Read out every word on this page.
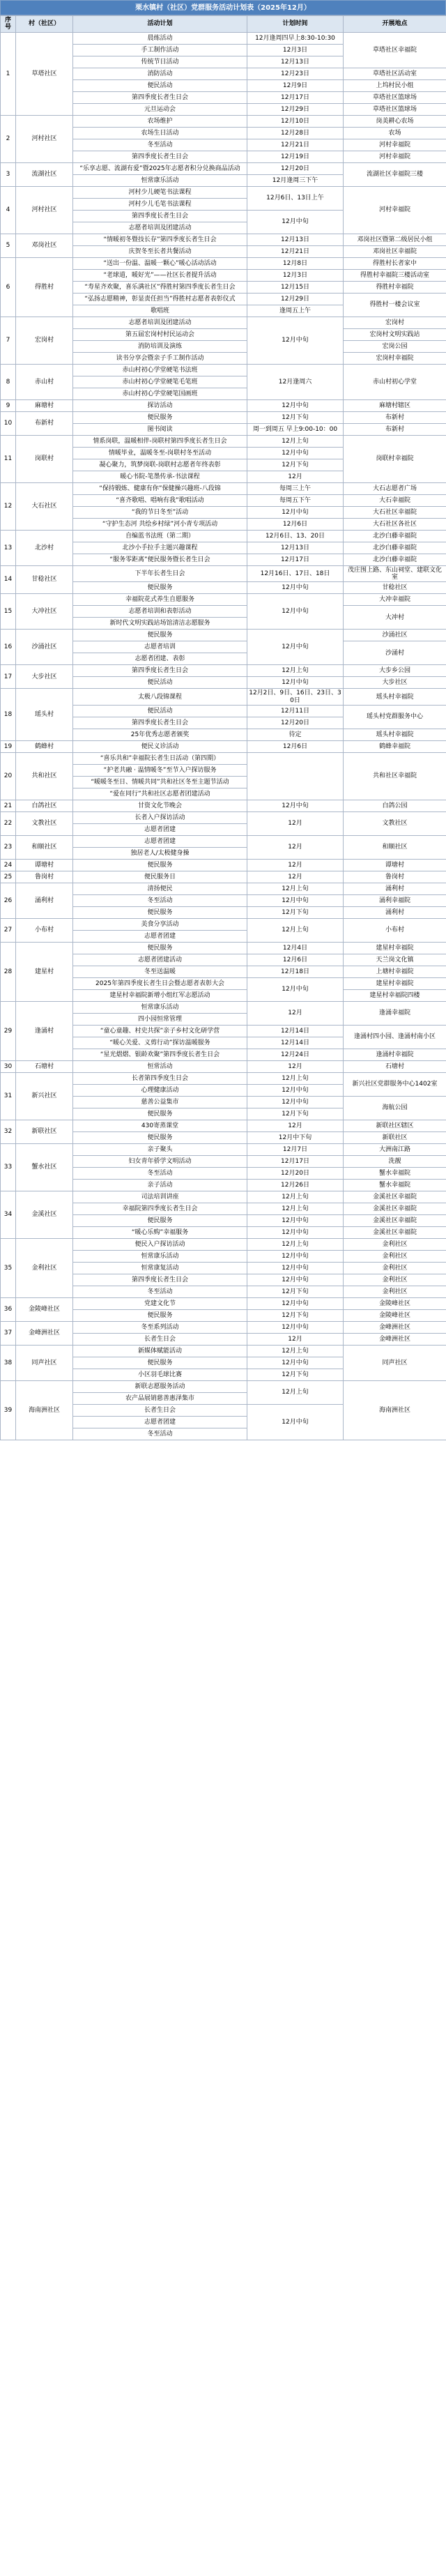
栗水镇村（社区）党群服务活动计划表（2025年12月）
序号	村（社区）	活动计划	计划时间	开展地点
1	草塔社区	晨练活动	12月逢周四早上8:30-10:30	草塔社区幸福院
		手工制作活动	12月3日	
		传统节日活动	12月13日	
		消防活动	12月23日	草塔社区活动室
		便民活动	12月9日	上坞村民小组
		第四季度长者生日会	12月17日	草塔社区篮球场
		元旦运动会	12月29日	草塔社区篮球场
2	河村社区	农场维护	12月10日	岗美耕心农场
		农场生日活动	12月28日	农场
		冬至活动	12月21日	河村幸福院
		第四季度长者生日会	12月19日	河村幸福院
3	流湖社区	“乐享志愿、流湖有爱”暨2025年志愿者积分兑换商品活动	12月20日	流湖社区幸福院三楼
		恒常康乐活动	12月逢周三下午	
4	河村社区	河村少儿硬笔书法课程	12月6日、13日上午	河村幸福院
		河村少儿毛笔书法课程		
		第四季度长者生日会	12月中旬	
		志愿者培训及团建活动		
5	邓岗社区	“情暖初冬暨技长存”第四季度长者生日会	12月13日	邓岗社区暨第二级居民小组
		庆贺冬至长者共餐活动	12月21日	邓岗社区幸福院
6	得胜村	“送出一份温、温暖一颗心”暖心活动活动	12月8日	得胜村长者家中
		“老球道，暖好光”——社区长者提升活动	12月3日	得胜村幸福院三楼活动室
		“寿星齐欢聚，喜乐满社区”得胜村第四季度长者生日会	12月15日	得胜村幸福院
		“弘扬志愿精神，彰显责任担当”得胜村志愿者表彰仪式	12月29日	得胜村一楼会议室
		歌唱班	逢周五上午	
7	宏岗村	志愿者培训及团建活动	12月中旬	宏岗村
		第五届宏岗村村民运动会		宏岗村文明实践站
		消防培训及演练		宏岗公园
		读书分享会暨亲子手工制作活动		宏岗村幸福院
8	赤山村	赤山村初心学堂硬笔书法班	12月逢周六	赤山村初心学堂
		赤山村初心学堂硬笔毛笔班		
		赤山村初心学堂硬笔国画班		
9	麻塘村	探访活动	12月中旬	麻塘村辖区
10	布新村	便民服务	12月下旬	布新村
		图书阅读	周一到周五 早上9:00-10：00	布新村
11	岗联村	情系岗联，温暖相伴-岗联村第四季度长者生日会	12月上旬	岗联村幸福院
		情暖毕业，温暖冬至-岗联村冬至活动	12月中旬	
		凝心聚力，筑梦岗联-岗联村志愿者年终表彰	12月下旬	
		暖心书院-笔墨传承-书法课程	12月	
12	大石社区	“保持锻炼、健康有你”保健操兴趣班-八段锦	每周三上午	大石志愿者广场
		“喜齐歌唱、唱响有我”歌唱活动	每周五下午	大石幸福院
		“我的节日冬至”活动	12月中旬	大石社区幸福院
		“守护生态河 共绘乡村绿”河小青专项活动	12月6日	大石社区各社区
13	北沙村	自编蓝书法班（第二期）	12月6日、13、20日	北沙白藤幸福院
		北沙小手拉手主题兴趣课程	12月13日	北沙白藤幸福院
		“服务零距离”便民服务暨长者生日会	12月17日	北沙白藤幸福院
14	甘稔社区	下半年长者生日会	12月16日、17日、18日	茂庄围上路、东山祠堂、建联文化室
		便民服务	12月中旬	甘稔社区
15	大冲社区	幸福院花式养生自愿服务	12月中旬	大冲幸福院
		志愿者培训和表彰活动		大冲村
		新时代文明实践站场馆清洁志愿服务		
16	沙涌社区	便民服务	12月中旬	沙涌社区
		志愿者培训		沙涌村
		志愿者团建、表彰		
17	大步社区	第四季度长者生日会	12月上旬	大步乡公园
		便民活动	12月中旬	大步社区
18	瑶头村	太极八段锦课程	12月2日、9日、16日、23日、30日	瑶头村幸福院
		便民活动	12月11日	瑶头村党群服务中心
		第四季度长者生日会	12月20日	
		25年优秀志愿者颁奖	待定	瑶头村幸福院
19	鹤蜂村	便民义诊活动	12月6日	鹤蜂幸福院
20	共和社区	“喜乐共和”幸福院长者生日活动（第四期）		共和社区幸福院
		“护老共融 · 温情暖冬”至节入户探访服务		
		“暖暖冬至日、情暖共同”共和社区冬至主题节活动		
		“爱在同行”共和社区志愿者团建活动		
21	白鸽社区	甘资文化节晚会	12月中旬	白鸽公园
22	文教社区	长者入户探访活动	12月	文教社区
		志愿者团建		
23	和顺社区	志愿者团建	12月	和顺社区
		独居老人/太极健身操		
24	谭塘村	便民服务	12月	谭塘村
25	鲁岗村	便民服务日	12月	鲁岗村
26	涌利村	清扬便民	12月上旬	涌利村
		冬至活动	12月中旬	涌利幸福院
		便民服务	12月下旬	涌利村
27	小布村	美食分享活动	12月上旬	小布村
		志愿者团建		
28	建星村	便民服务	12月4日	建星村幸福院
		志愿者团建活动	12月6日	天兰岗文化镇
		冬至送温暖	12月18日	上塘村幸福院
		2025年第四季度长者生日会暨志愿者表彰大会	12月中旬	建星村幸福院
		建星村幸福院新增小组红军志愿活动		建星村幸福院四楼
29	逢涌村	恒常康乐活动	12月	逢涌幸福院
		四小园恒常管理		
		“童心童趣、村史共探”亲子乡村文化研学营	12月14日	逢涌村四小园、逢涌村南小区
		“暖心关爱、义剪行动”探访温暖服务	12月14日	
		“星光熠熠、银龄欢聚”第四季度长者生日会	12月24日	逢涌村幸福院
30	石塘村	恒常活动	12月	石塘村
31	新兴社区	长者第四季度生日会	12月上旬	新兴社区党群服务中心1402室
		心理健康活动	12月中旬	
		慈善公益集市	12月中旬	海航公园
		便民服务	12月下旬	
32	新联社区	430寄蒸课堂	12月	新联社区辖区
		便民服务	12月中下旬	新联社区
33	蟹水社区	亲子聚头	12月7日	大洲南江路
		妇女青年骄学文明活动	12月17日	洗靓
		冬至活动	12月20日	蟹水幸福院
		亲子活动	12月26日	蟹水幸福院
34	金溪社区	司法培训讲座	12月上旬	金溪社区幸福院
		幸福院第四季度长者生日会	12月上旬	金溪社区幸福院
		便民服务	12月中旬	金溪社区幸福院
		“暖心乐购”幸福服务	12月中旬	金溪社区幸福院
35	金利社区	便民入户探访活动	12月上旬	金利社区
		恒常康乐活动	12月中旬	金利社区
		恒常康复活动	12月中旬	金利社区
		第四季度长者生日会	12月中旬	金利社区
		冬至活动	12月下旬	金利社区
36	金陵峰社区	党建文化节	12月中旬	金陵峰社区
		便民服务	12月下旬	金陵峰社区
37	金峰洲社区	冬至系列活动	12月中旬	金峰洲社区
		长者生日会	12月	金峰洲社区
38	同声社区	新媒体赋能活动	12月上旬	同声社区
		便民服务	12月中旬	
		小区羽毛球比赛	12月下旬	
39	海南洲社区	新联志愿服务活动	12月上旬	海南洲社区
		农产品展销慈善惠泽集市		
		长者生日会	12月中旬	
		志愿者团建		
		冬至活动		
